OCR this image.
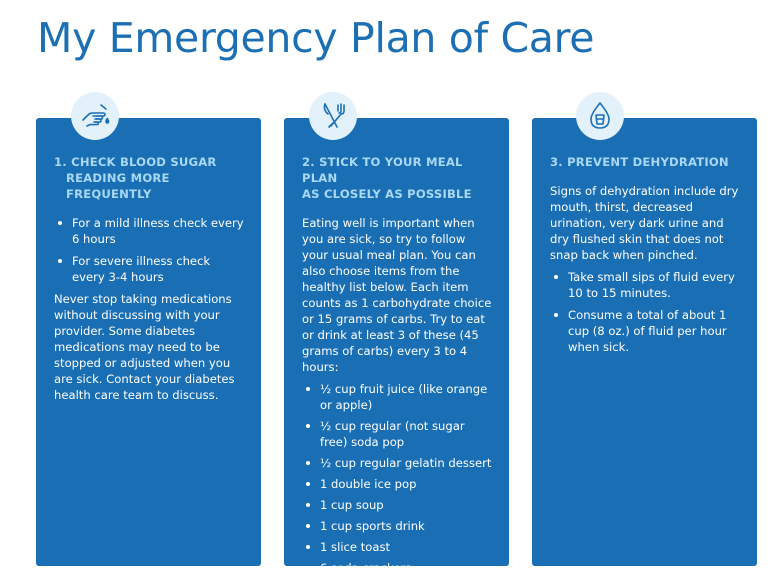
My Emergency Plan of Care
1. CHECK BLOOD SUGAR
READING MORE FREQUENTLY
For a mild illness check every 6 hours
For severe illness check every 3-4 hours

Never stop taking medications without discussing with your provider. Some diabetes medications may need to be stopped or adjusted when you are sick. Contact your diabetes health care team to discuss.

2. STICK TO YOUR MEAL PLAN
AS CLOSELY AS POSSIBLE

Eating well is important when you are sick, so try to follow your usual meal plan. You can also choose items from the healthy list below. Each item counts as 1 carbohydrate choice or 15 grams of carbs. Try to eat or drink at least 3 of these (45 grams of carbs) every 3 to 4 hours:

½ cup fruit juice (like orange or apple)
½ cup regular (not sugar free) soda pop
½ cup regular gelatin dessert
1 double ice pop
1 cup soup
1 cup sports drink
1 slice toast
6 soda crackers
3. PREVENT DEHYDRATION

Signs of dehydration include dry mouth, thirst, decreased urination, very dark urine and dry flushed skin that does not snap back when pinched.

Take small sips of fluid every 10 to 15 minutes.
Consume a total of about 1 cup (8 oz.) of fluid per hour when sick.
